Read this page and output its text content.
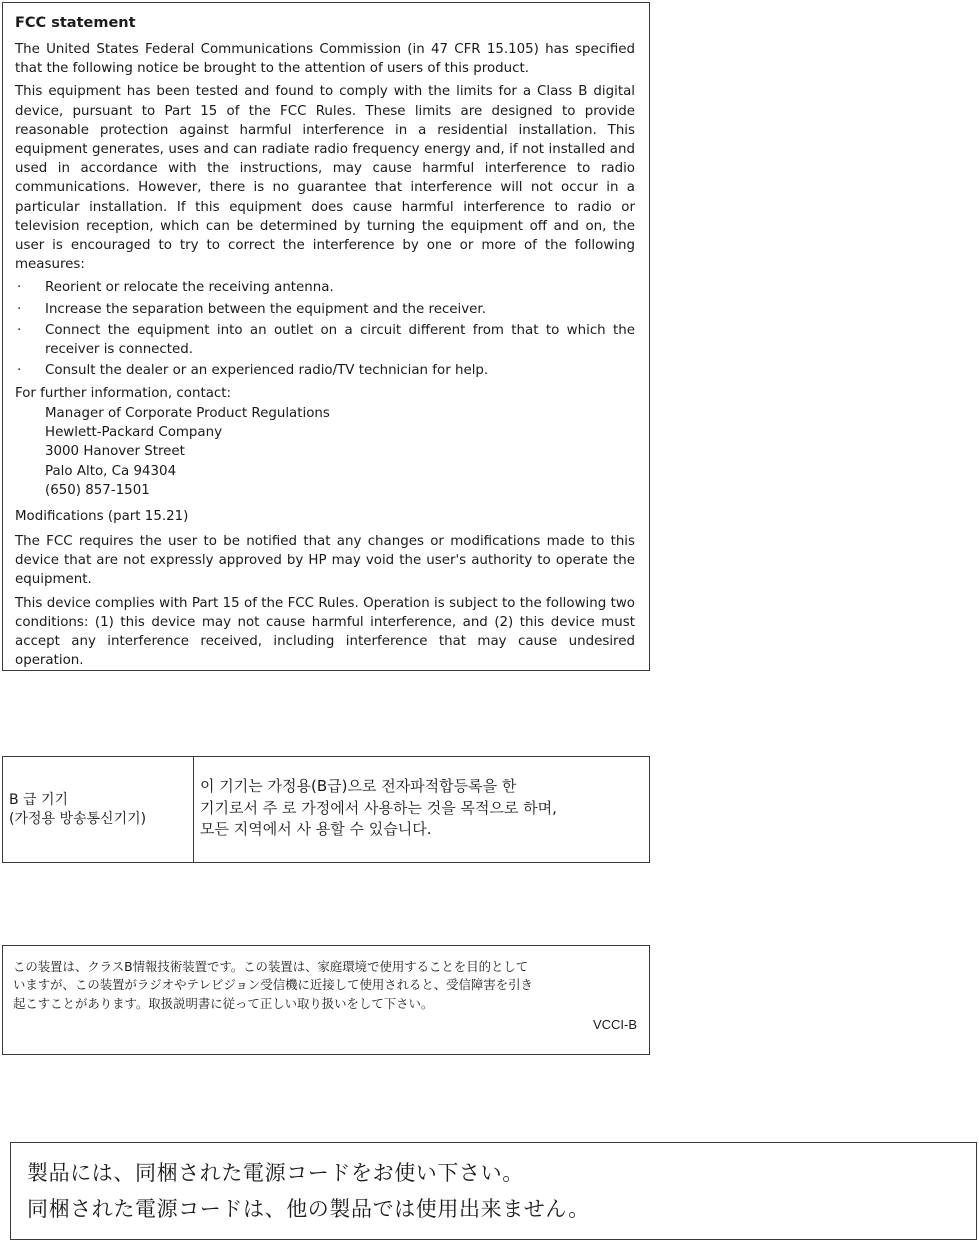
FCC statement

The United States Federal Communications Commission (in 47 CFR 15.105) has specified that the following notice be brought to the attention of users of this product.

This equipment has been tested and found to comply with the limits for a Class B digital device, pursuant to Part 15 of the FCC Rules. These limits are designed to provide reasonable protection against harmful interference in a residential installation. This equipment generates, uses and can radiate radio frequency energy and, if not installed and used in accordance with the instructions, may cause harmful interference to radio communications. However, there is no guarantee that interference will not occur in a particular installation. If this equipment does cause harmful interference to radio or television reception, which can be determined by turning the equipment off and on, the user is encouraged to try to correct the interference by one or more of the following measures:

· Reorient or relocate the receiving antenna.
· Increase the separation between the equipment and the receiver.
· Connect the equipment into an outlet on a circuit different from that to which the receiver is connected.
· Consult the dealer or an experienced radio/TV technician for help.

For further information, contact:

Manager of Corporate Product Regulations
Hewlett-Packard Company
3000 Hanover Street
Palo Alto, Ca 94304
(650) 857-1501

Modifications (part 15.21)

The FCC requires the user to be notified that any changes or modifications made to this device that are not expressly approved by HP may void the user's authority to operate the equipment.

This device complies with Part 15 of the FCC Rules. Operation is subject to the following two conditions: (1) this device may not cause harmful interference, and (2) this device must accept any interference received, including interference that may cause undesired operation.

B 급 기기
(가정용 방송통신기기)
이 기기는 가정용(B급)으로 전자파적합등록을 한
기기로서 주 로 가정에서 사용하는 것을 목적으로 하며,
모든 지역에서 사 용할 수 있습니다.
この装置は、クラスB情報技術装置です。この装置は、家庭環境で使用することを目的として
いますが、この装置がラジオやテレビジョン受信機に近接して使用されると、受信障害を引き
起こすことがあります。取扱説明書に従って正しい取り扱いをして下さい。
VCCI-B
製品には、同梱された電源コードをお使い下さい。
同梱された電源コードは、他の製品では使用出来ません。
